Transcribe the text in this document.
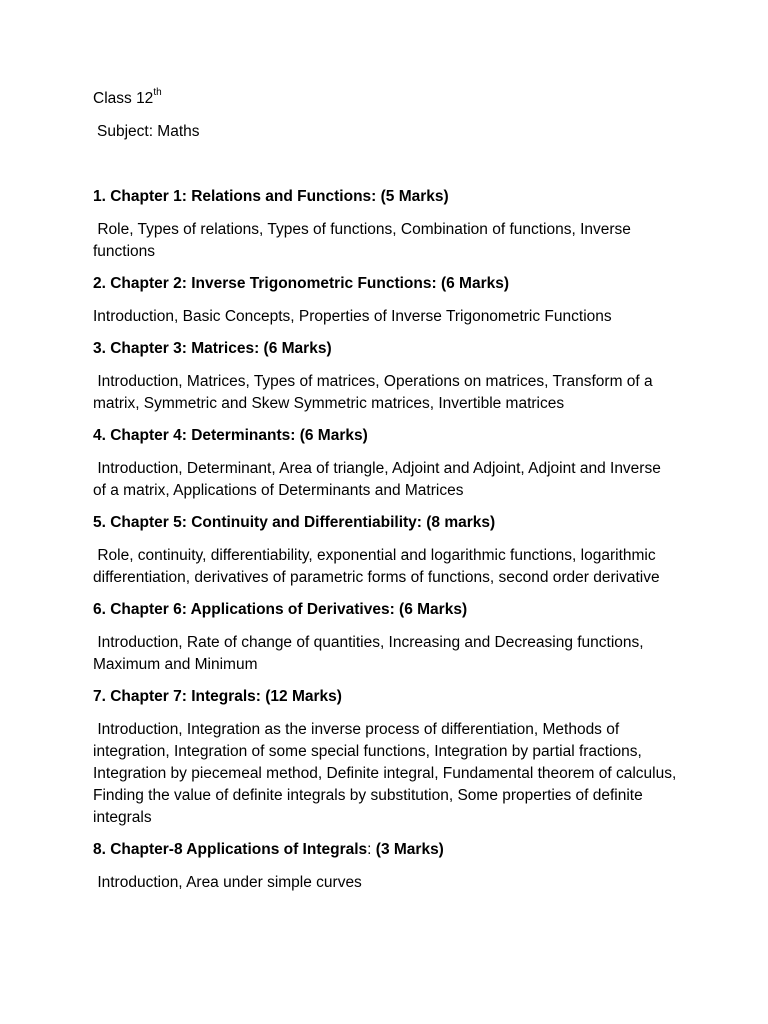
Class 12th

Subject: Maths

1. Chapter 1: Relations and Functions: (5 Marks)

Role, Types of relations, Types of functions, Combination of functions, Inverse functions

2. Chapter 2: Inverse Trigonometric Functions: (6 Marks)

Introduction, Basic Concepts, Properties of Inverse Trigonometric Functions

3. Chapter 3: Matrices: (6 Marks)

Introduction, Matrices, Types of matrices, Operations on matrices, Transform of a matrix, Symmetric and Skew Symmetric matrices, Invertible matrices

4. Chapter 4: Determinants: (6 Marks)

Introduction, Determinant, Area of triangle, Adjoint and Adjoint, Adjoint and Inverse of a matrix, Applications of Determinants and Matrices

5. Chapter 5: Continuity and Differentiability: (8 marks)

Role, continuity, differentiability, exponential and logarithmic functions, logarithmic differentiation, derivatives of parametric forms of functions, second order derivative

6. Chapter 6: Applications of Derivatives: (6 Marks)

Introduction, Rate of change of quantities, Increasing and Decreasing functions, Maximum and Minimum

7. Chapter 7: Integrals: (12 Marks)

Introduction, Integration as the inverse process of differentiation, Methods of integration, Integration of some special functions, Integration by partial fractions, Integration by piecemeal method, Definite integral, Fundamental theorem of calculus, Finding the value of definite integrals by substitution, Some properties of definite integrals

8. Chapter-8 Applications of Integrals: (3 Marks)

Introduction, Area under simple curves
